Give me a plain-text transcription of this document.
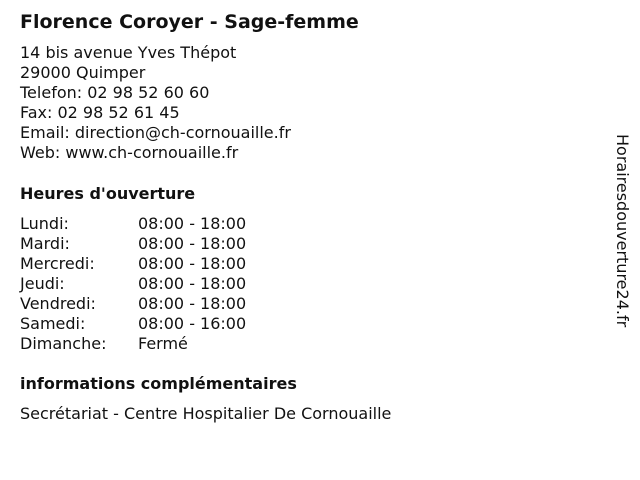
Florence Coroyer - Sage-femme
14 bis avenue Yves Thépot
29000 Quimper
Telefon: 02 98 52 60 60
Fax: 02 98 52 61 45
Email: direction@ch-cornouaille.fr
Web: www.ch-cornouaille.fr
Heures d'ouverture
Lundi:	08:00 - 18:00
Mardi:	08:00 - 18:00
Mercredi:	08:00 - 18:00
Jeudi:	08:00 - 18:00
Vendredi:	08:00 - 18:00
Samedi:	08:00 - 16:00
Dimanche: Fermé
informations complémentaires
Secrétariat - Centre Hospitalier De Cornouaille
Horairesdouverture24.fr
